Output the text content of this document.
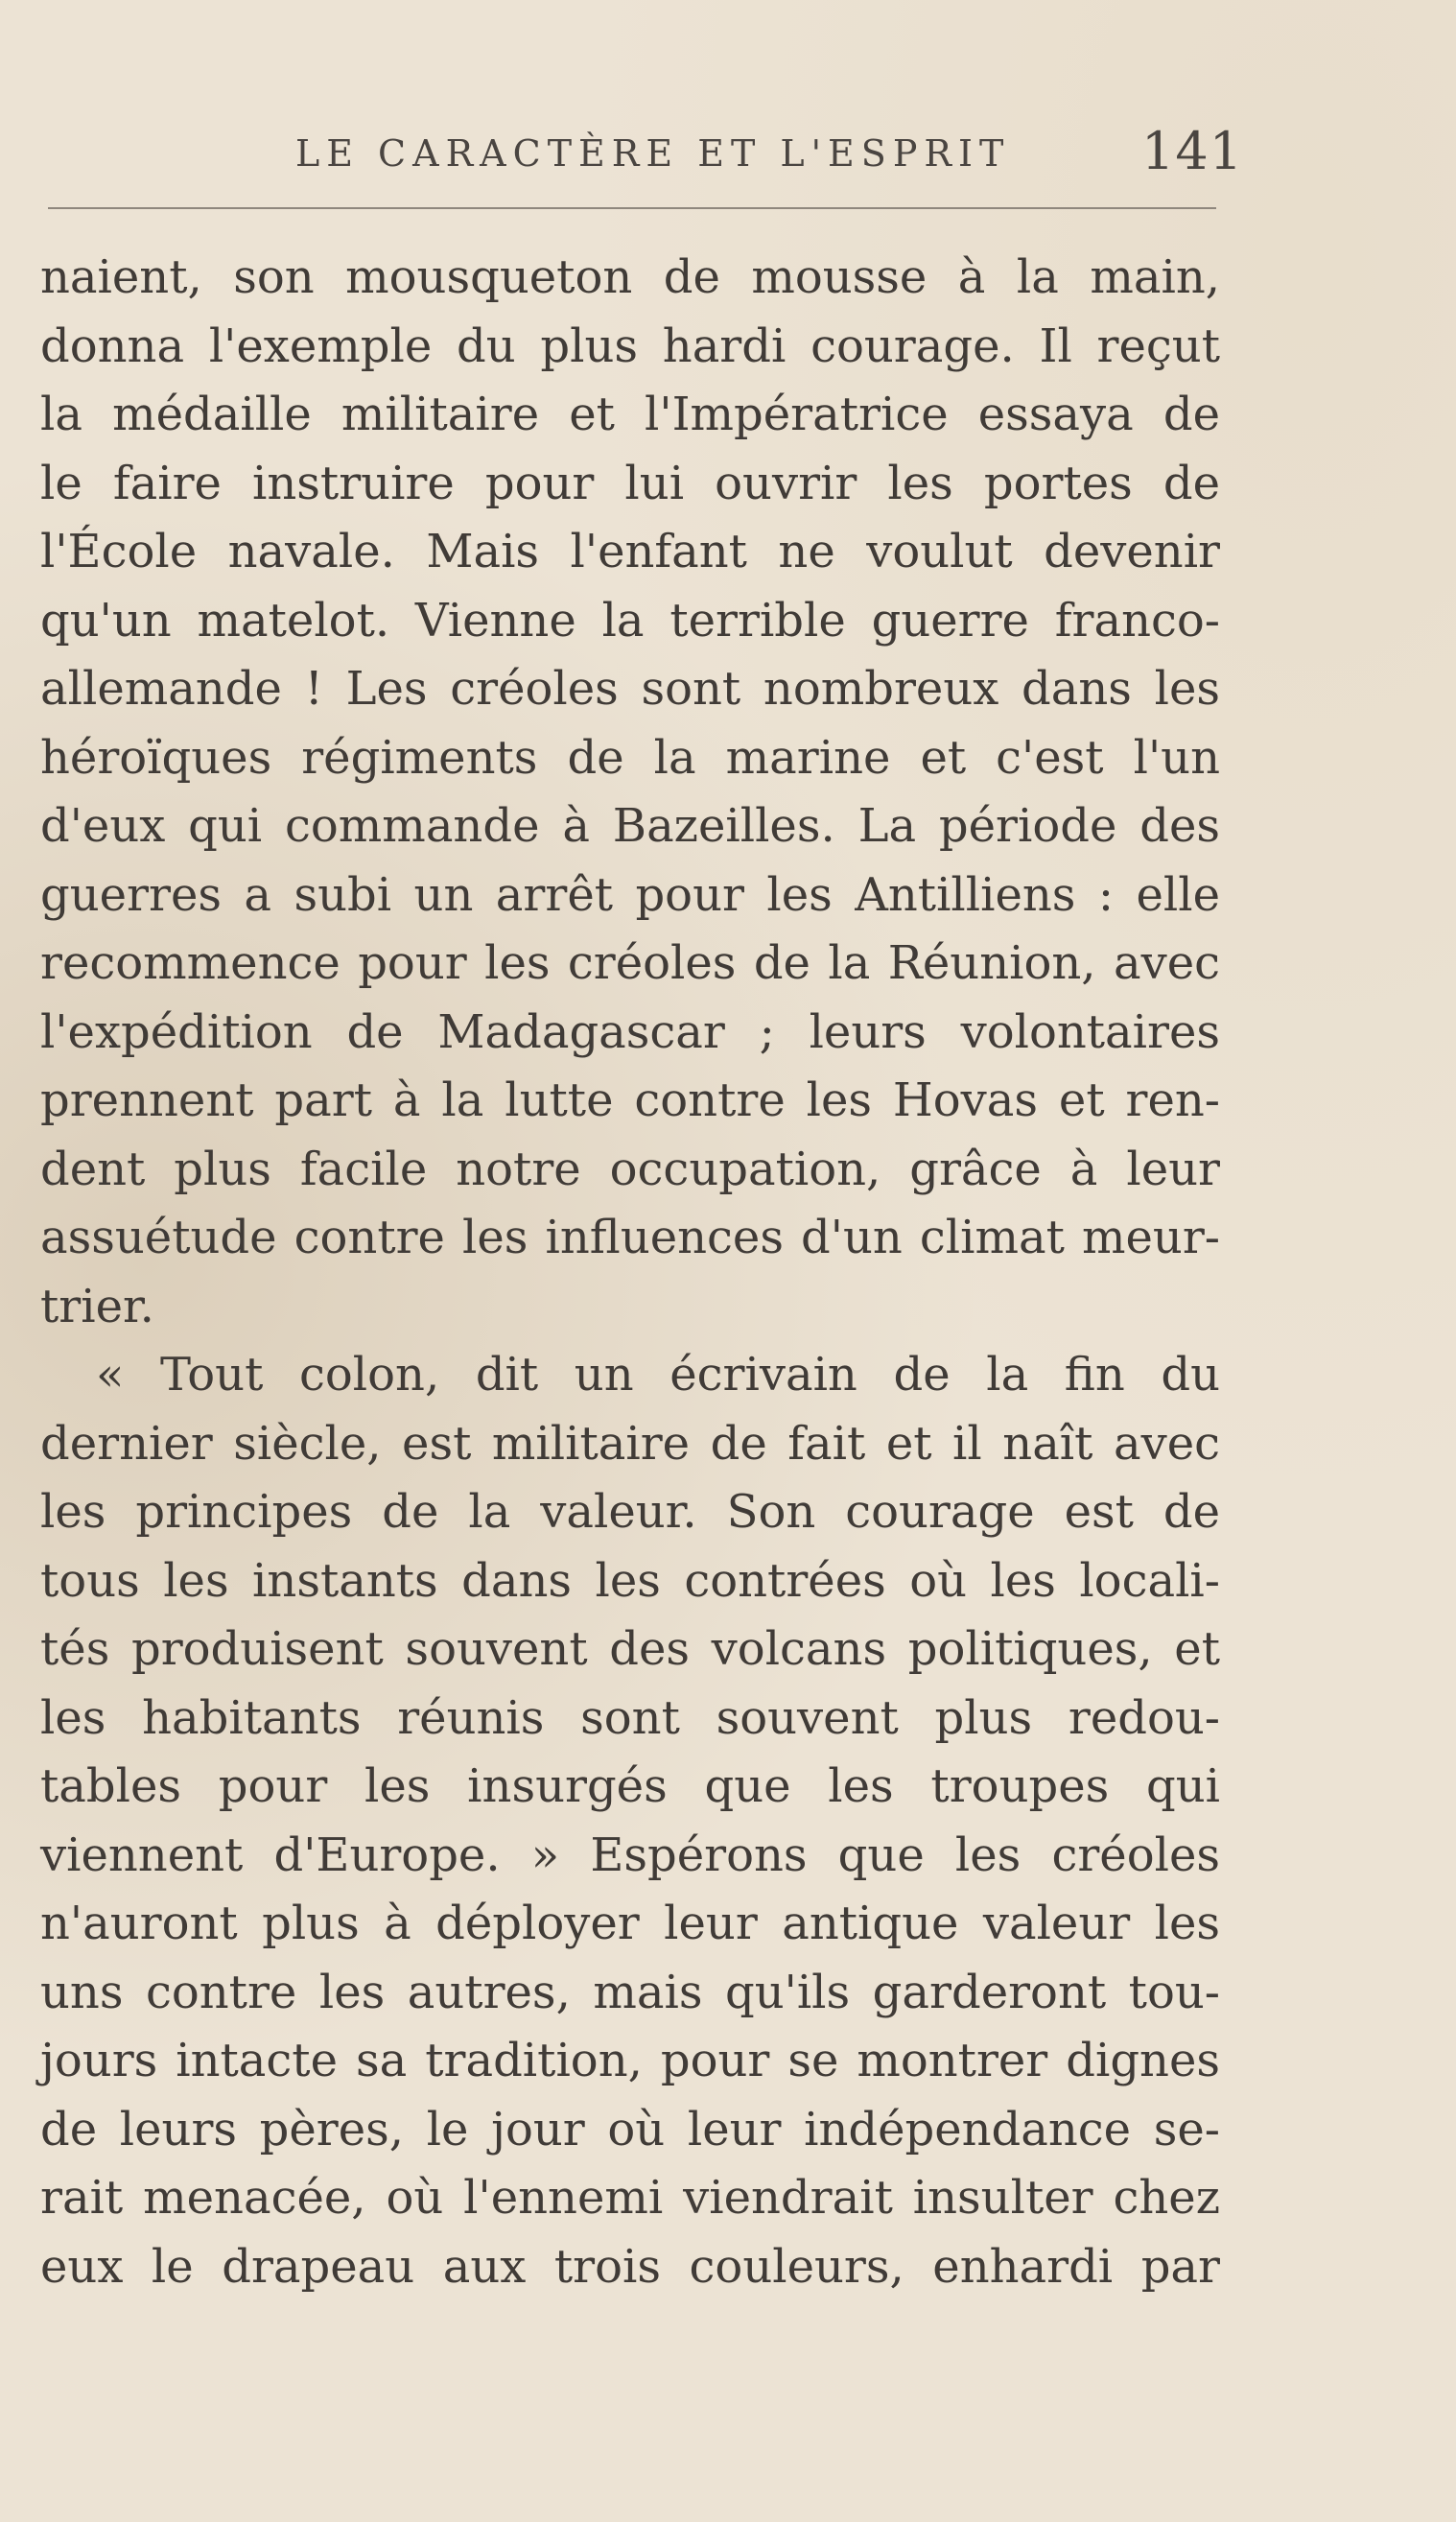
LE CARACTÈRE ET L'ESPRIT	141
naient, son mousqueton de mousse à la main,
donna l'exemple du plus hardi courage. Il reçut
la médaille militaire et l'Impératrice essaya de
le faire instruire pour lui ouvrir les portes de
l'École navale. Mais l'enfant ne voulut devenir
qu'un matelot. Vienne la terrible guerre franco-
allemande ! Les créoles sont nombreux dans les
héroïques régiments de la marine et c'est l'un
d'eux qui commande à Bazeilles. La période des
guerres a subi un arrêt pour les Antilliens : elle
recommence pour les créoles de la Réunion, avec
l'expédition de Madagascar ; leurs volontaires
prennent part à la lutte contre les Hovas et ren-
dent plus facile notre occupation, grâce à leur
assuétude contre les influences d'un climat meur-
trier.
« Tout colon, dit un écrivain de la fin du
dernier siècle, est militaire de fait et il naît avec
les principes de la valeur. Son courage est de
tous les instants dans les contrées où les locali-
tés produisent souvent des volcans politiques, et
les habitants réunis sont souvent plus redou-
tables pour les insurgés que les troupes qui
viennent d'Europe. » Espérons que les créoles
n'auront plus à déployer leur antique valeur les
uns contre les autres, mais qu'ils garderont tou-
jours intacte sa tradition, pour se montrer dignes
de leurs pères, le jour où leur indépendance se-
rait menacée, où l'ennemi viendrait insulter chez
eux le drapeau aux trois couleurs, enhardi par
